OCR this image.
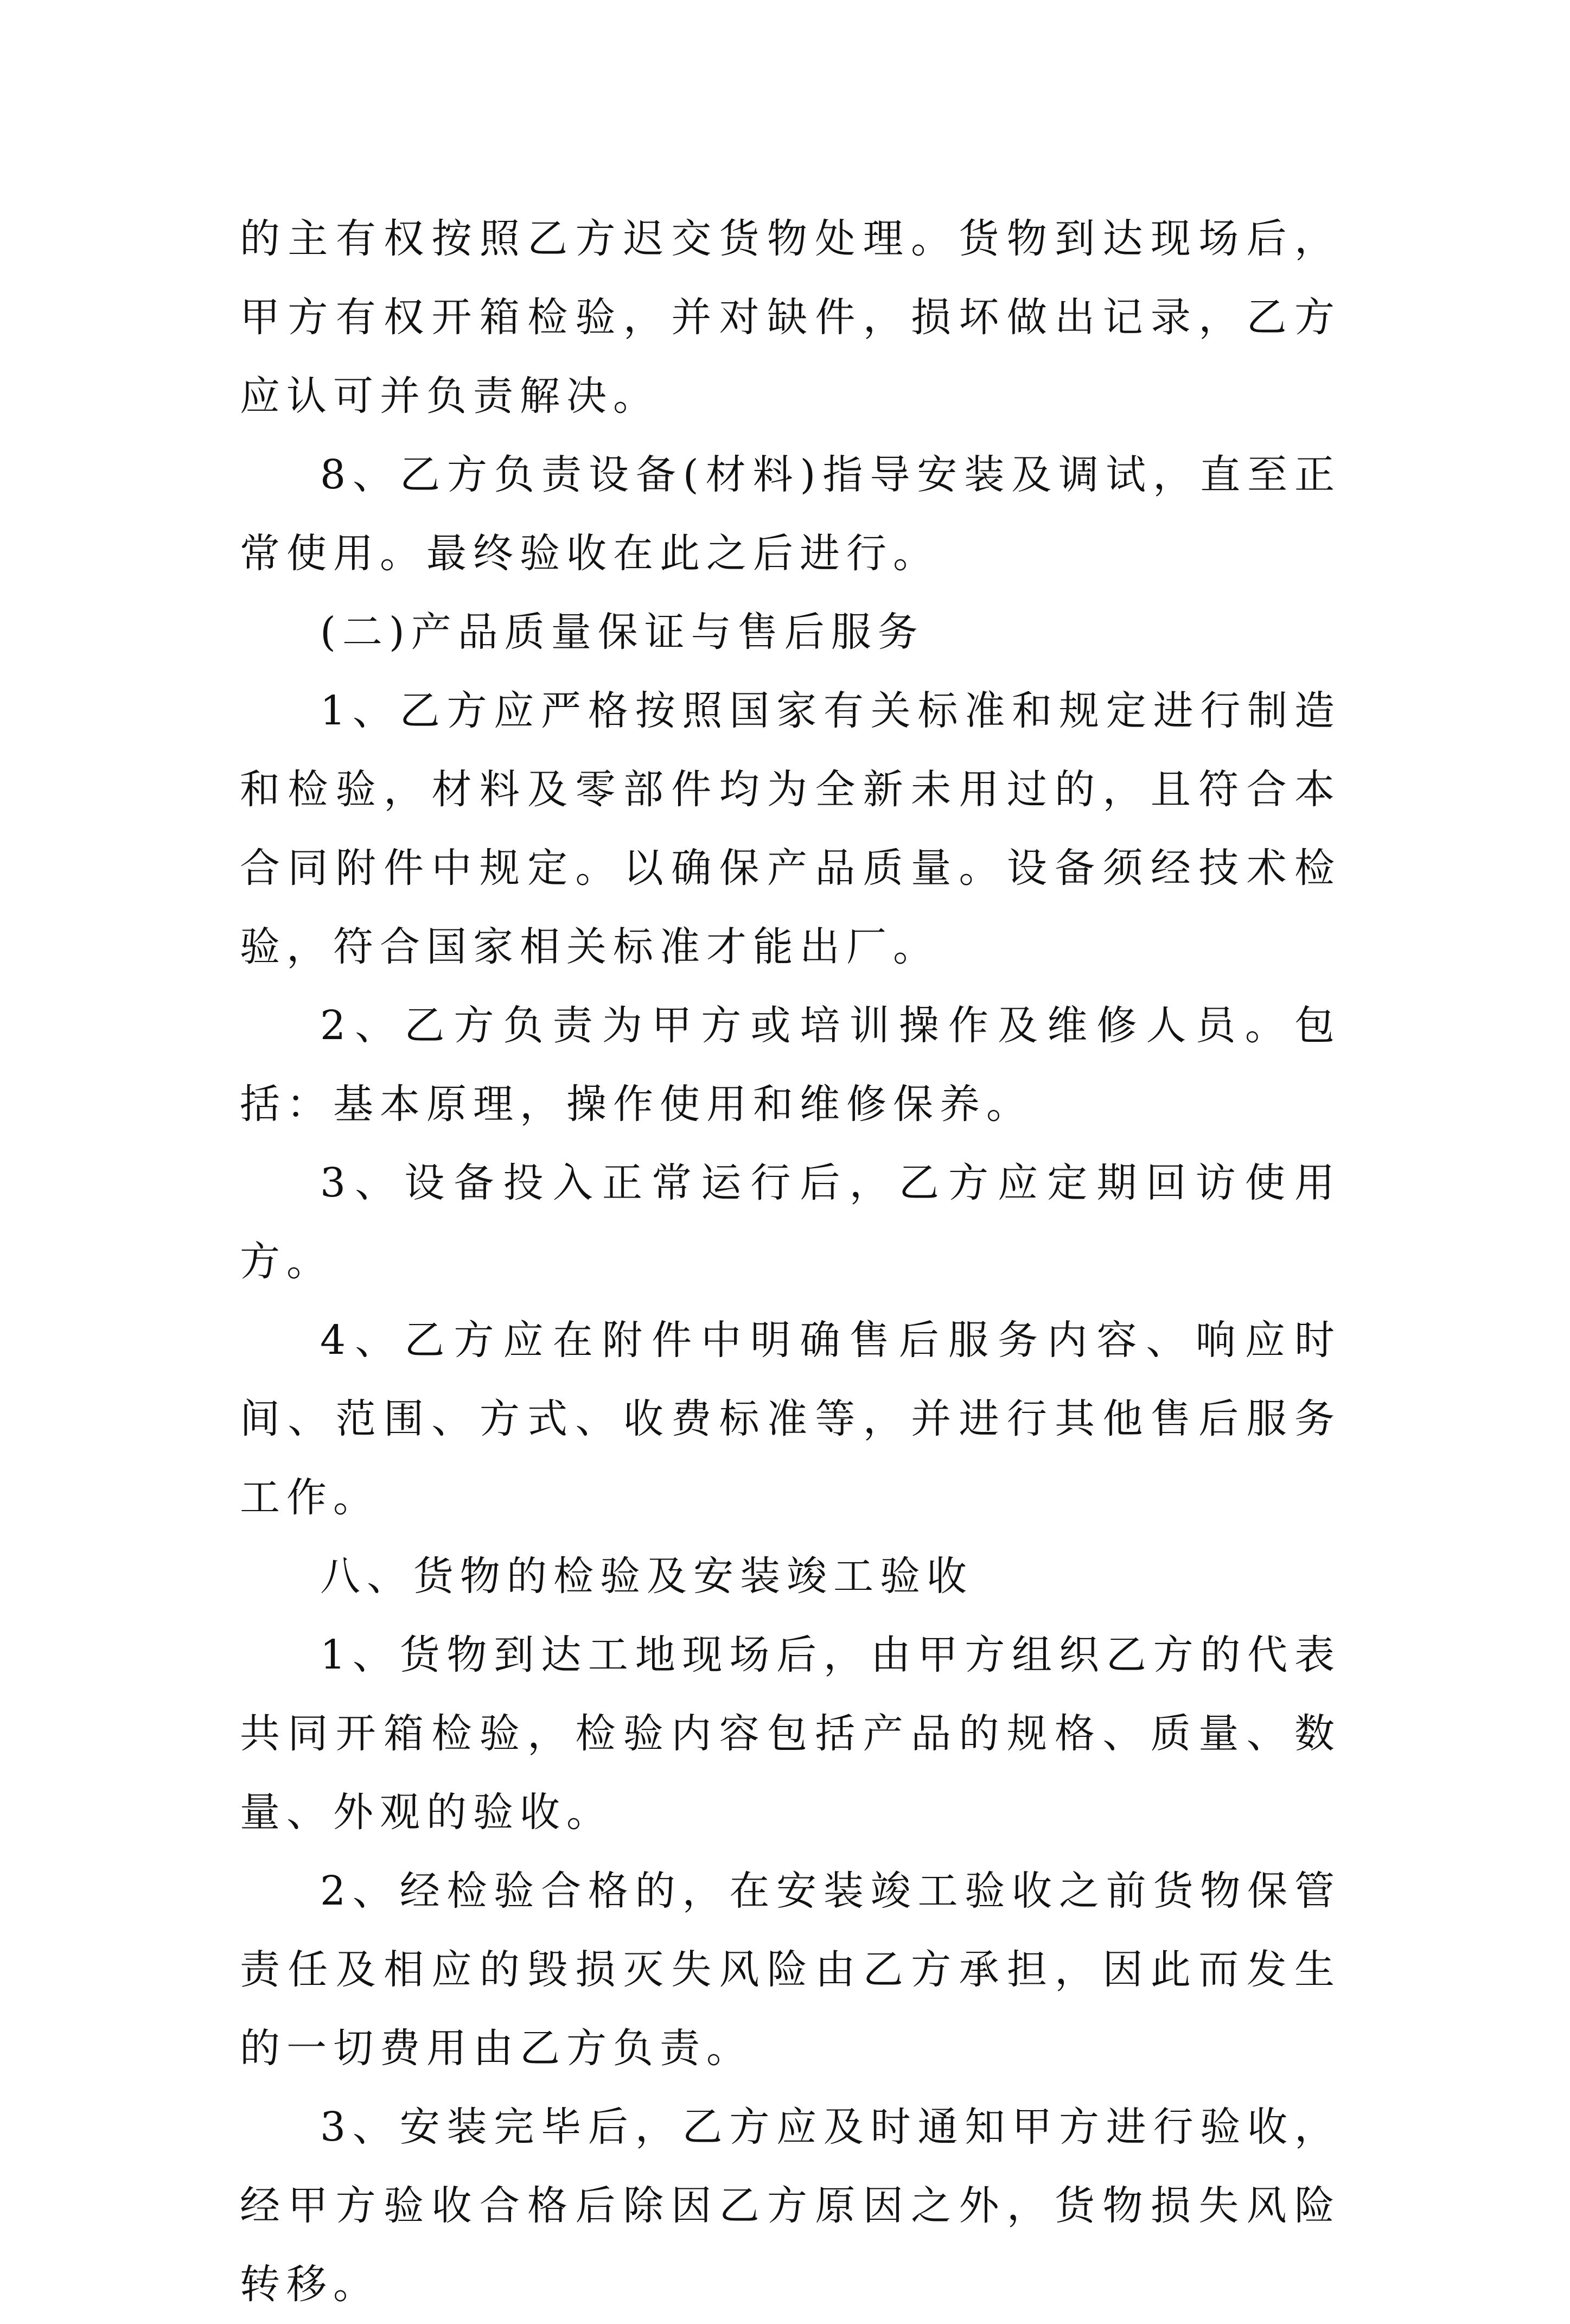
的主有权按照乙方迟交货物处理。货物到达现场后，甲方有权开箱检验，并对缺件，损坏做出记录，乙方应认可并负责解决。

8、乙方负责设备(材料)指导安装及调试，直至正常使用。最终验收在此之后进行。

(二)产品质量保证与售后服务

1、乙方应严格按照国家有关标准和规定进行制造和检验，材料及零部件均为全新未用过的，且符合本合同附件中规定。以确保产品质量。设备须经技术检验，符合国家相关标准才能出厂。

2、乙方负责为甲方或培训操作及维修人员。包括：基本原理，操作使用和维修保养。

3、设备投入正常运行后，乙方应定期回访使用方。

4、乙方应在附件中明确售后服务内容、响应时间、范围、方式、收费标准等，并进行其他售后服务工作。

八、货物的检验及安装竣工验收

1、货物到达工地现场后，由甲方组织乙方的代表共同开箱检验，检验内容包括产品的规格、质量、数量、外观的验收。

2、经检验合格的，在安装竣工验收之前货物保管责任及相应的毁损灭失风险由乙方承担，因此而发生的一切费用由乙方负责。

3、安装完毕后，乙方应及时通知甲方进行验收，经甲方验收合格后除因乙方原因之外，货物损失风险转移。
